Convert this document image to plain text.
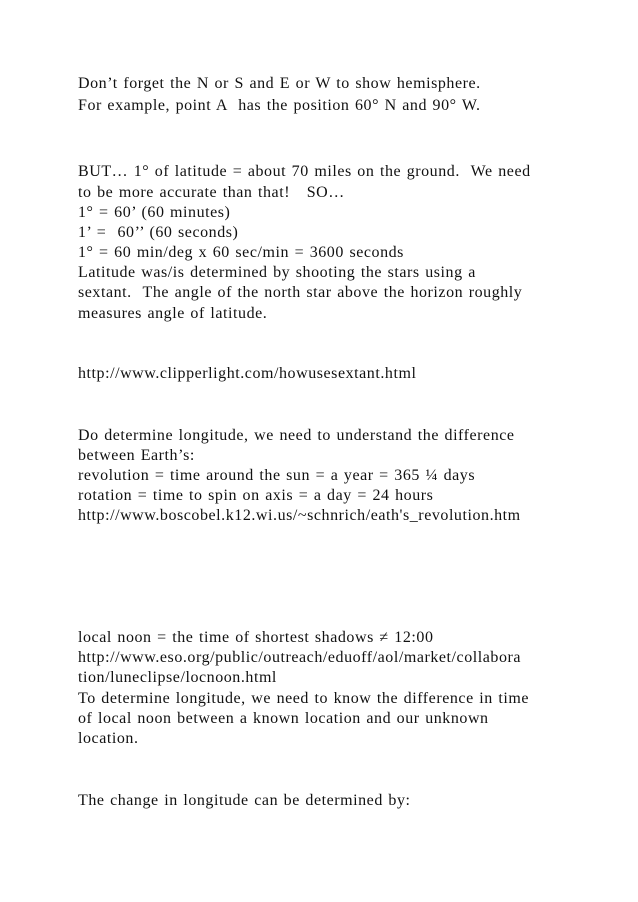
Don’t forget the N or S and E or W to show hemisphere.
For example, point A  has the position 60° N and 90° W.
BUT… 1° of latitude = about 70 miles on the ground.  We need
to be more accurate than that!   SO…
1° = 60’ (60 minutes)
1’ =  60’’ (60 seconds)
1° = 60 min/deg x 60 sec/min = 3600 seconds
Latitude was/is determined by shooting the stars using a
sextant.  The angle of the north star above the horizon roughly
measures angle of latitude.
http://www.clipperlight.com/howusesextant.html
Do determine longitude, we need to understand the difference
between Earth’s:
revolution = time around the sun = a year = 365 ¼ days
rotation = time to spin on axis = a day = 24 hours
http://www.boscobel.k12.wi.us/~schnrich/eath's_revolution.htm
local noon = the time of shortest shadows ≠ 12:00
http://www.eso.org/public/outreach/eduoff/aol/market/collabora
tion/luneclipse/locnoon.html
To determine longitude, we need to know the difference in time
of local noon between a known location and our unknown
location.
The change in longitude can be determined by:
